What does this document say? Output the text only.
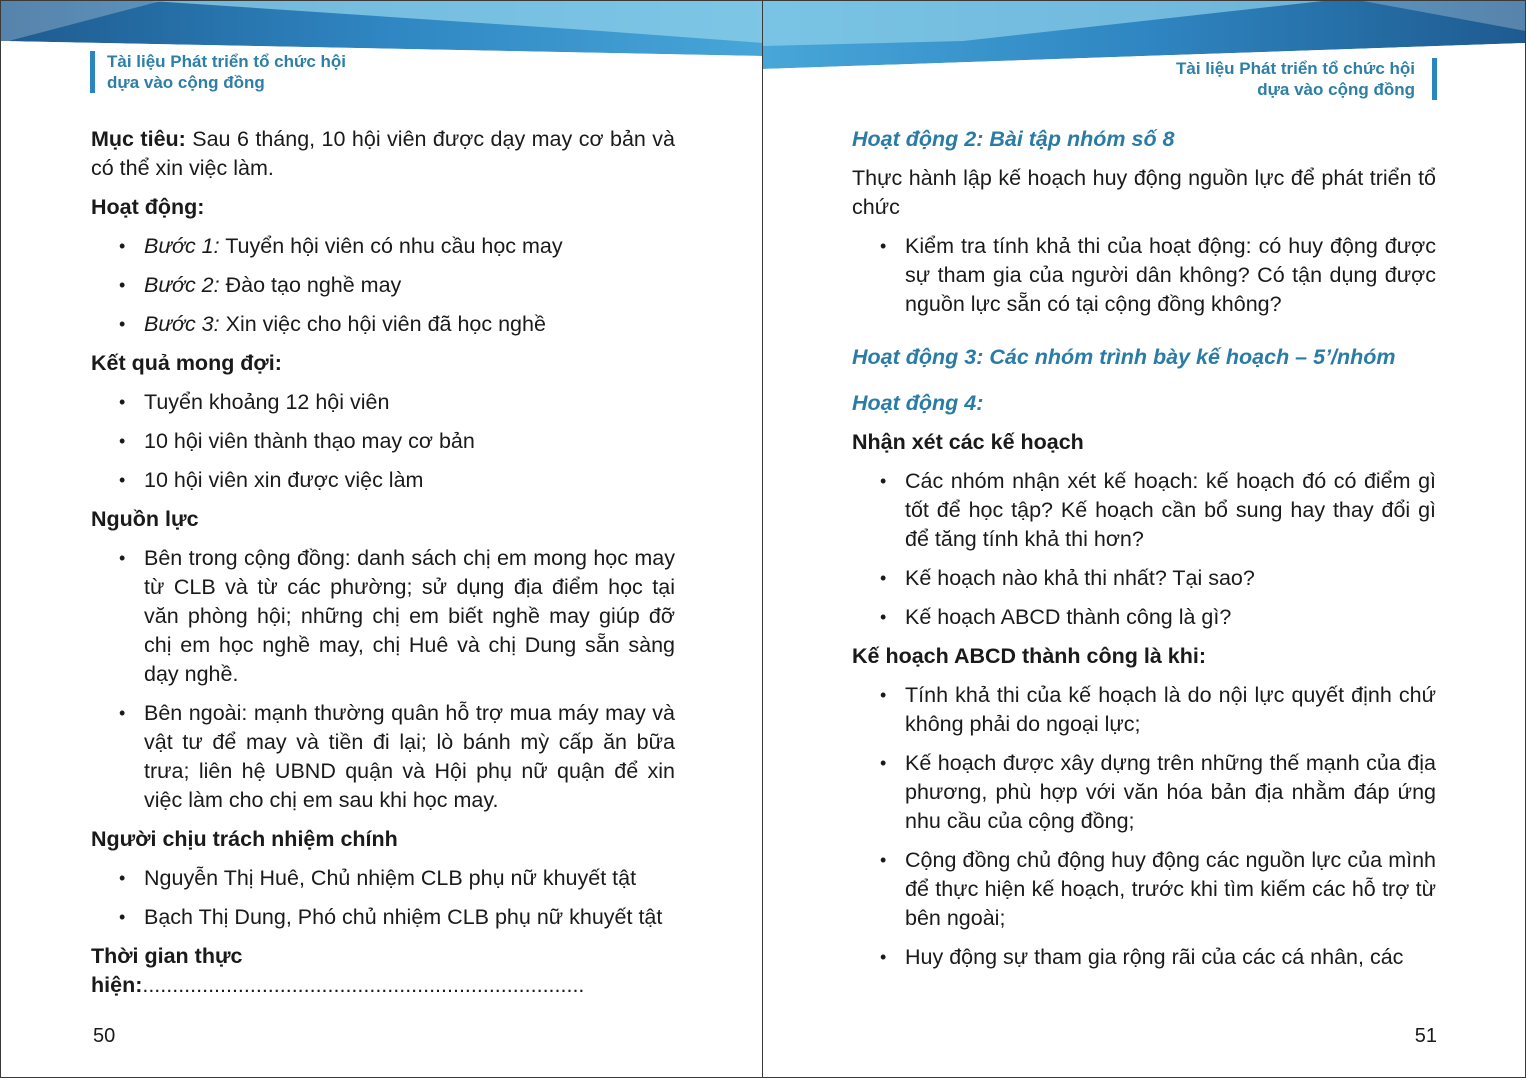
Tài liệu Phát triển tổ chức hội
dựa vào cộng đồng

Mục tiêu: Sau 6 tháng, 10 hội viên được dạy may cơ bản và có thể xin việc làm.

Hoạt động:
• Bước 1: Tuyển hội viên có nhu cầu học may
• Bước 2: Đào tạo nghề may
• Bước 3: Xin việc cho hội viên đã học nghề
Kết quả mong đợi:
• Tuyển khoảng 12 hội viên
• 10 hội viên thành thạo may cơ bản
• 10 hội viên xin được việc làm
Nguồn lực
• Bên trong cộng đồng: danh sách chị em mong học may từ CLB và từ các phường; sử dụng địa điểm học tại văn phòng hội; những chị em biết nghề may giúp đỡ chị em học nghề may, chị Huê và chị Dung sẵn sàng dạy nghề.
• Bên ngoài: mạnh thường quân hỗ trợ mua máy may và vật tư để may và tiền đi lại; lò bánh mỳ cấp ăn bữa trưa; liên hệ UBND quận và Hội phụ nữ quận để xin việc làm cho chị em sau khi học may.
Người chịu trách nhiệm chính
• Nguyễn Thị Huê, Chủ nhiệm CLB phụ nữ khuyết tật
• Bạch Thị Dung, Phó chủ nhiệm CLB phụ nữ khuyết tật
Thời gian thực hiện:..........................................................................
50
Tài liệu Phát triển tổ chức hội
dựa vào cộng đồng
Hoạt động 2: Bài tập nhóm số 8

Thực hành lập kế hoạch huy động nguồn lực để phát triển tổ chức

• Kiểm tra tính khả thi của hoạt động: có huy động được sự tham gia của người dân không? Có tận dụng được nguồn lực sẵn có tại cộng đồng không?
Hoạt động 3: Các nhóm trình bày kế hoạch – 5’/nhóm
Hoạt động 4:
Nhận xét các kế hoạch
• Các nhóm nhận xét kế hoạch: kế hoạch đó có điểm gì tốt để học tập? Kế hoạch cần bổ sung hay thay đổi gì để tăng tính khả thi hơn?
• Kế hoạch nào khả thi nhất? Tại sao?
• Kế hoạch ABCD thành công là gì?
Kế hoạch ABCD thành công là khi:
• Tính khả thi của kế hoạch là do nội lực quyết định chứ không phải do ngoại lực;
• Kế hoạch được xây dựng trên những thế mạnh của địa phương, phù hợp với văn hóa bản địa nhằm đáp ứng nhu cầu của cộng đồng;
• Cộng đồng chủ động huy động các nguồn lực của mình để thực hiện kế hoạch, trước khi tìm kiếm các hỗ trợ từ bên ngoài;
• Huy động sự tham gia rộng rãi của các cá nhân, các
51
